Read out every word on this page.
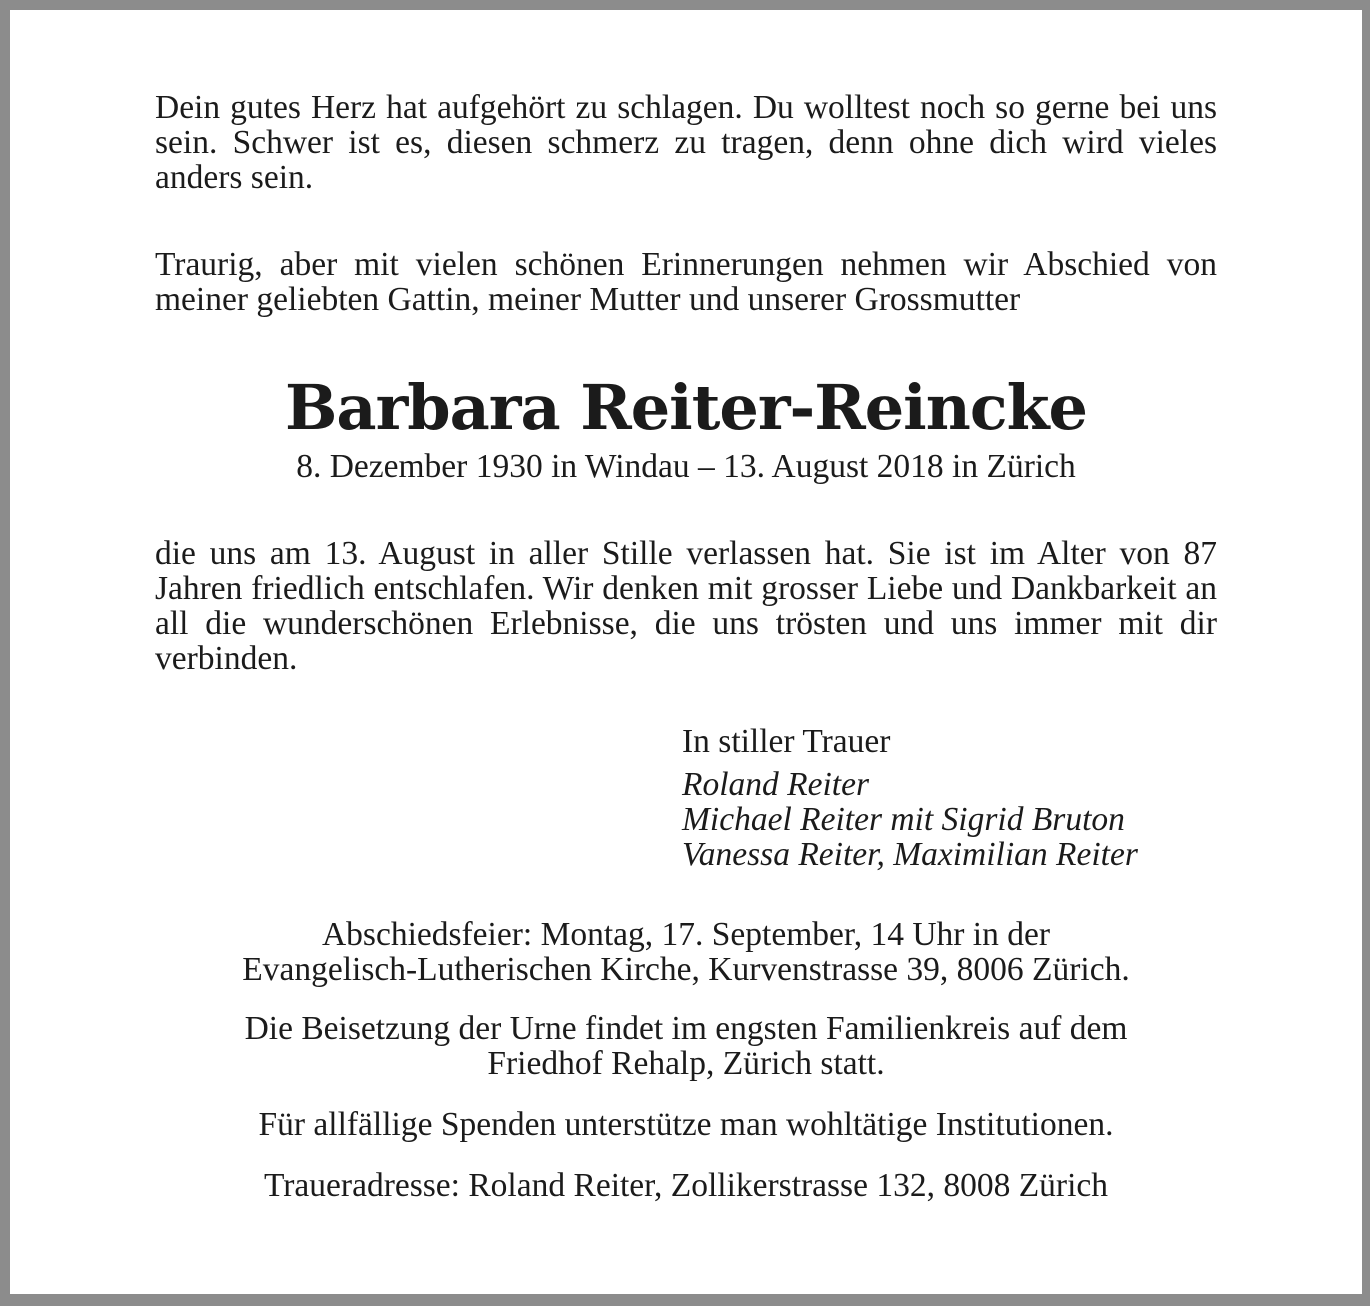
Dein gutes Herz hat aufgehört zu schlagen. Du wolltest noch so gerne bei uns sein. Schwer ist es, diesen schmerz zu tragen, denn ohne dich wird vieles anders sein.

Traurig, aber mit vielen schönen Erinnerungen nehmen wir Abschied von meiner geliebten Gattin, meiner Mutter und unserer Grossmutter

Barbara Reiter-Reincke

8. Dezember 1930 in Windau – 13. August 2018 in Zürich

die uns am 13. August in aller Stille verlassen hat. Sie ist im Alter von 87 Jahren friedlich entschlafen. Wir denken mit grosser Liebe und Dankbarkeit an all die wunderschönen Erlebnisse, die uns trösten und uns immer mit dir verbinden.

In stiller Trauer
Roland Reiter
Michael Reiter mit Sigrid Bruton
Vanessa Reiter, Maximilian Reiter

Abschiedsfeier: Montag, 17. September, 14 Uhr in der
Evangelisch-Lutherischen Kirche, Kurvenstrasse 39, 8006 Zürich.

Die Beisetzung der Urne findet im engsten Familienkreis auf dem
Friedhof Rehalp, Zürich statt.

Für allfällige Spenden unterstütze man wohltätige Institutionen.

Traueradresse: Roland Reiter, Zollikerstrasse 132, 8008 Zürich
